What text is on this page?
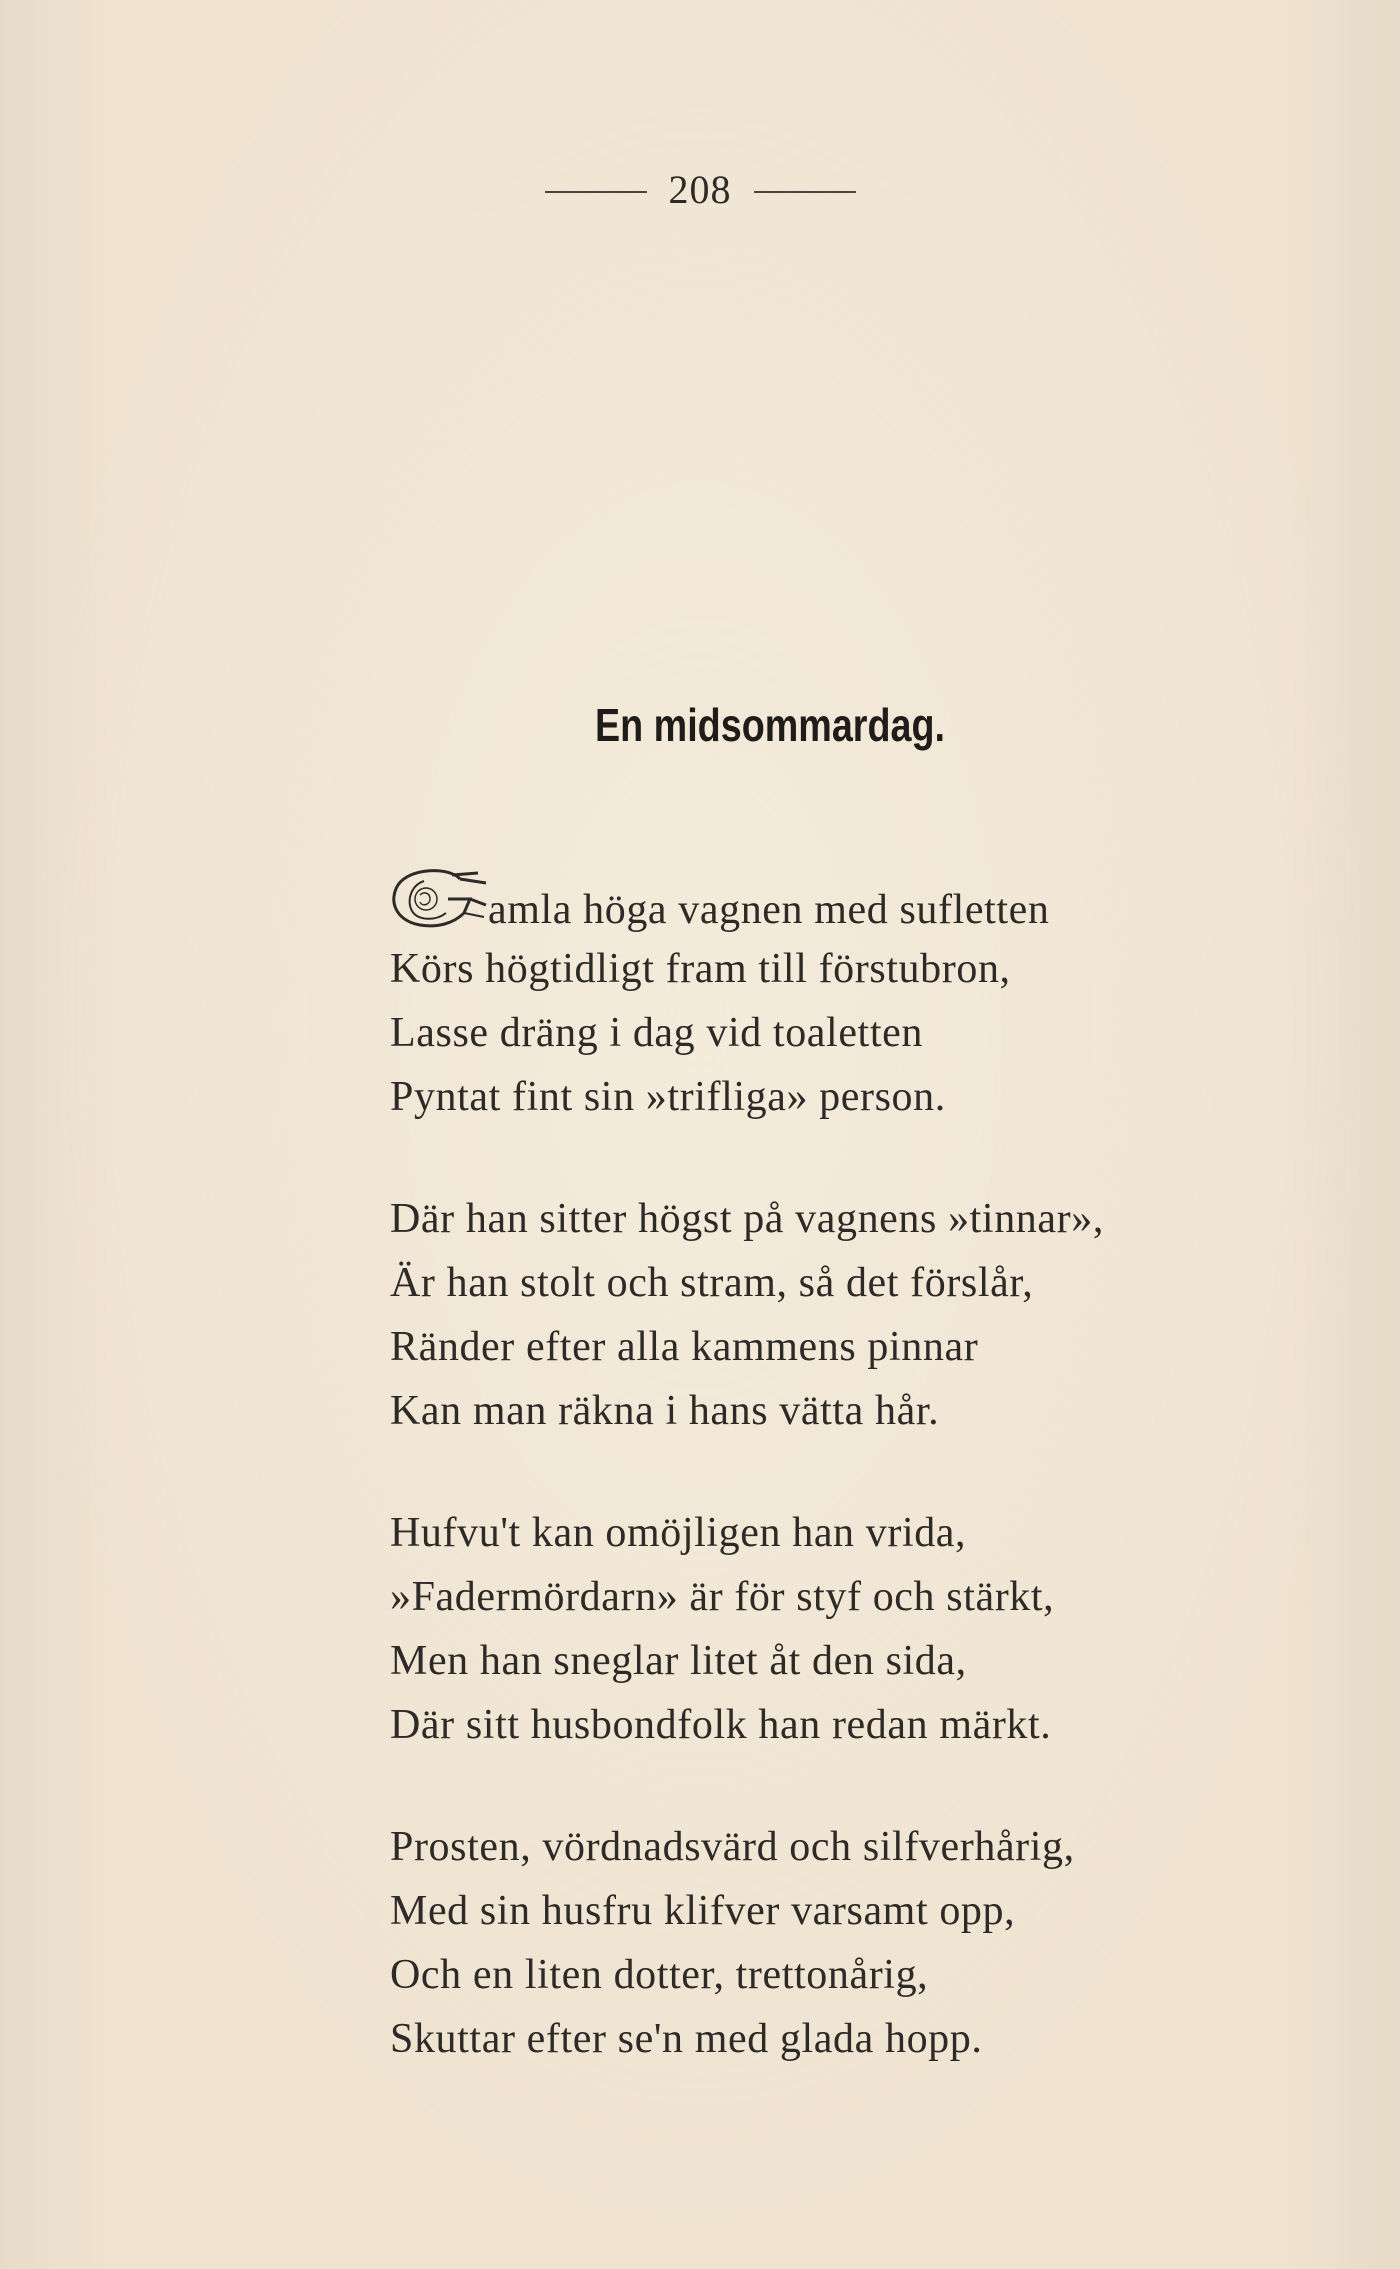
208
En midsommardag.
amla höga vagnen med sufletten
Körs högtidligt fram till förstubron,
Lasse dräng i dag vid toaletten
Pyntat fint sin »trifliga» person.
Där han sitter högst på vagnens »tinnar»,
Är han stolt och stram, så det förslår,
Ränder efter alla kammens pinnar
Kan man räkna i hans vätta hår.
Hufvu't kan omöjligen han vrida,
»Fadermördarn» är för styf och stärkt,
Men han sneglar litet åt den sida,
Där sitt husbondfolk han redan märkt.
Prosten, vördnadsvärd och silfverhårig,
Med sin husfru klifver varsamt opp,
Och en liten dotter, trettonårig,
Skuttar efter se'n med glada hopp.
